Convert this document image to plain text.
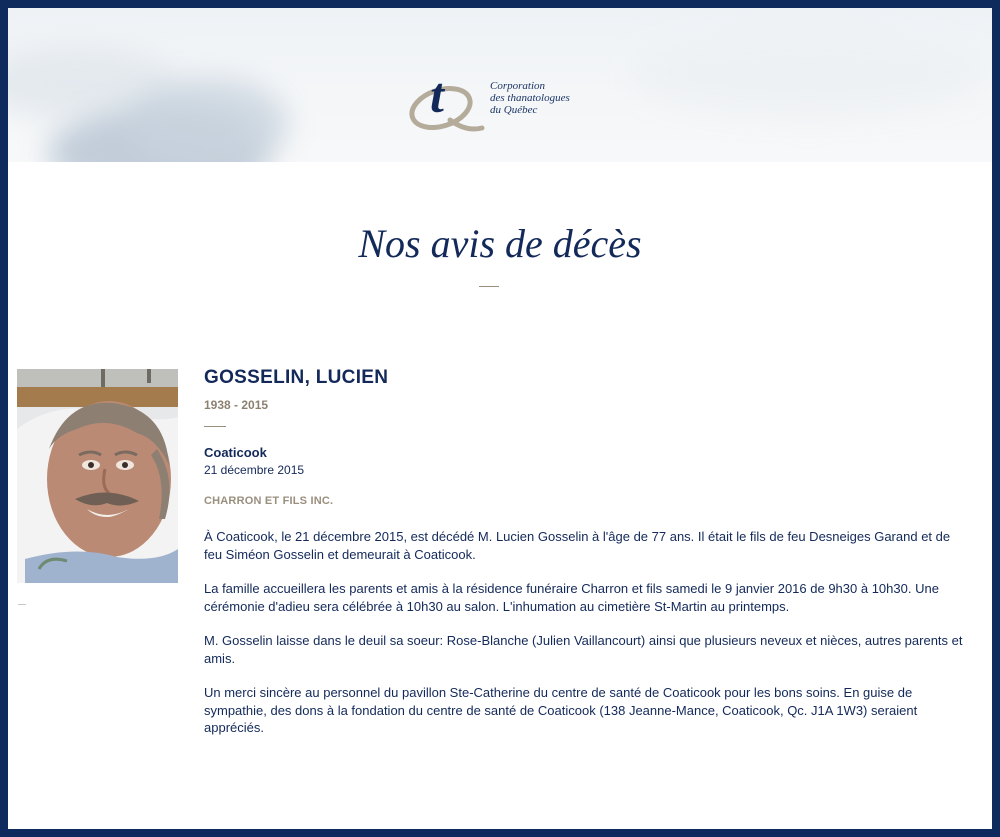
t	Corporation
des thanatologues
du Québec
Nos avis de décès
GOSSELIN, LUCIEN
1938 - 2015
Coaticook
21 décembre 2015
CHARRON ET FILS INC.

À Coaticook, le 21 décembre 2015, est décédé M. Lucien Gosselin à l'âge de 77 ans. Il était le fils de feu Desneiges Garand et de feu Siméon Gosselin et demeurait à Coaticook.

La famille accueillera les parents et amis à la résidence funéraire Charron et fils samedi le 9 janvier 2016 de 9h30 à 10h30. Une cérémonie d'adieu sera célébrée à 10h30 au salon. L'inhumation au cimetière St-Martin au printemps.

M. Gosselin laisse dans le deuil sa soeur: Rose-Blanche (Julien Vaillancourt) ainsi que plusieurs neveux et nièces, autres parents et amis.

Un merci sincère au personnel du pavillon Ste-Catherine du centre de santé de Coaticook pour les bons soins. En guise de sympathie, des dons à la fondation du centre de santé de Coaticook (138 Jeanne-Mance, Coaticook, Qc. J1A 1W3) seraient appréciés.
